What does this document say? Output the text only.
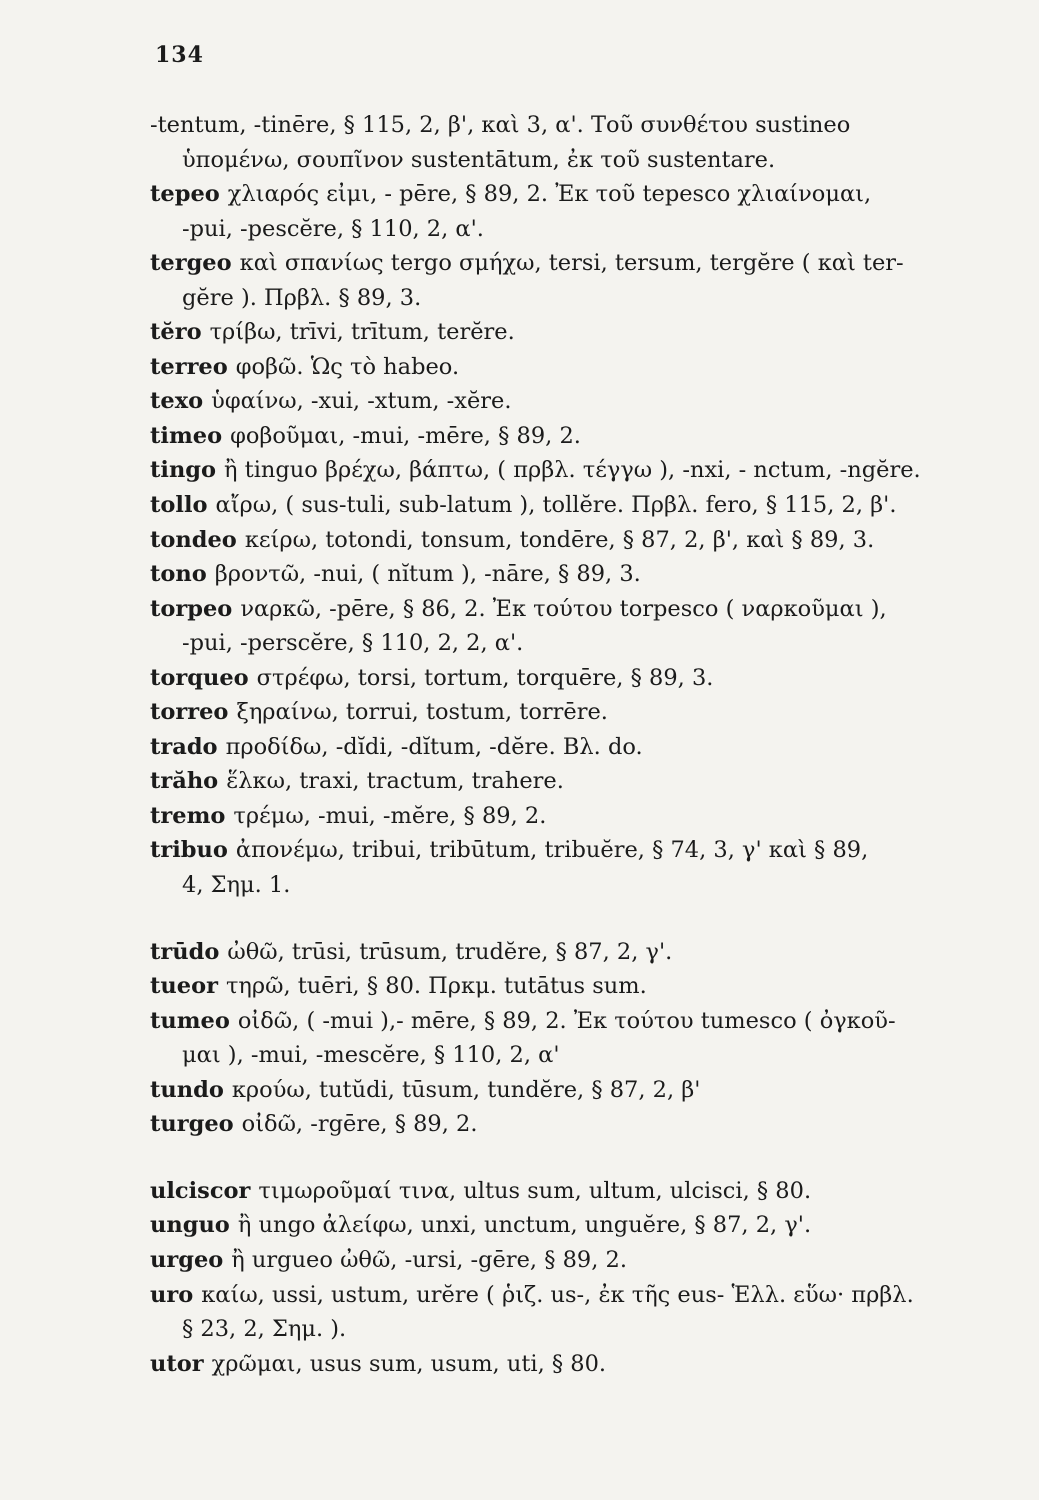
134
-tentum, -tinēre, § 115, 2, β', καὶ 3, α'. Τοῦ συνθέτου sustineo
ὑπομένω, σουπῖνον sustentātum, ἐκ τοῦ sustentare.
tepeo χλιαρός εἰμι, - pēre, § 89, 2. Ἐκ τοῦ tepesco χλιαίνομαι,
-pui, -pescĕre, § 110, 2, α'.
tergeo καὶ σπανίως tergo σμήχω, tersi, tersum, tergĕre ( καὶ ter-
gĕre ). Πρβλ. § 89, 3.
tĕro τρίβω, trīvi, trītum, terĕre.
terreo φοβῶ. Ὡς τὸ habeo.
texo ὑφαίνω, -xui, -xtum, -xĕre.
timeo φοβοῦμαι, -mui, -mēre, § 89, 2.
tingo ἢ tinguo βρέχω, βάπτω, ( πρβλ. τέγγω ), -nxi, - nctum, -ngĕre.
tollo αἴρω, ( sus-tuli, sub-latum ), tollĕre. Πρβλ. fero, § 115, 2, β'.
tondeo κείρω, totondi, tonsum, tondēre, § 87, 2, β', καὶ § 89, 3.
tono βροντῶ, -nui, ( nĭtum ), -nāre, § 89, 3.
torpeo ναρκῶ, -pēre, § 86, 2. Ἐκ τούτου torpesco ( ναρκοῦμαι ),
-pui, -perscĕre, § 110, 2, 2, α'.
torqueo στρέφω, torsi, tortum, torquēre, § 89, 3.
torreo ξηραίνω, torrui, tostum, torrēre.
trado προδίδω, -dĭdi, -dĭtum, -dĕre. Βλ. do.
trăho ἕλκω, traxi, tractum, trahere.
tremo τρέμω, -mui, -mĕre, § 89, 2.
tribuo ἀπονέμω, tribui, tribūtum, tribuĕre, § 74, 3, γ' καὶ § 89,
4, Σημ. 1.
trūdo ὠθῶ, trūsi, trūsum, trudĕre, § 87, 2, γ'.
tueor τηρῶ, tuēri, § 80. Πρκμ. tutātus sum.
tumeo οἰδῶ, ( -mui ),- mēre, § 89, 2. Ἐκ τούτου tumesco ( ὀγκοῦ-
μαι ), -mui, -mescĕre, § 110, 2, α'
tundo κρούω, tutŭdi, tūsum, tundĕre, § 87, 2, β'
turgeo οἰδῶ, -rgēre, § 89, 2.
ulciscor τιμωροῦμαί τινα, ultus sum, ultum, ulcisci, § 80.
unguo ἢ ungo ἀλείφω, unxi, unctum, unguĕre, § 87, 2, γ'.
urgeo ἢ urgueo ὠθῶ, -ursi, -gēre, § 89, 2.
uro καίω, ussi, ustum, urĕre ( ῥιζ. us-, ἐκ τῆς eus- Ἑλλ. εὕω· πρβλ.
§ 23, 2, Σημ. ).
utor χρῶμαι, usus sum, usum, uti, § 80.
